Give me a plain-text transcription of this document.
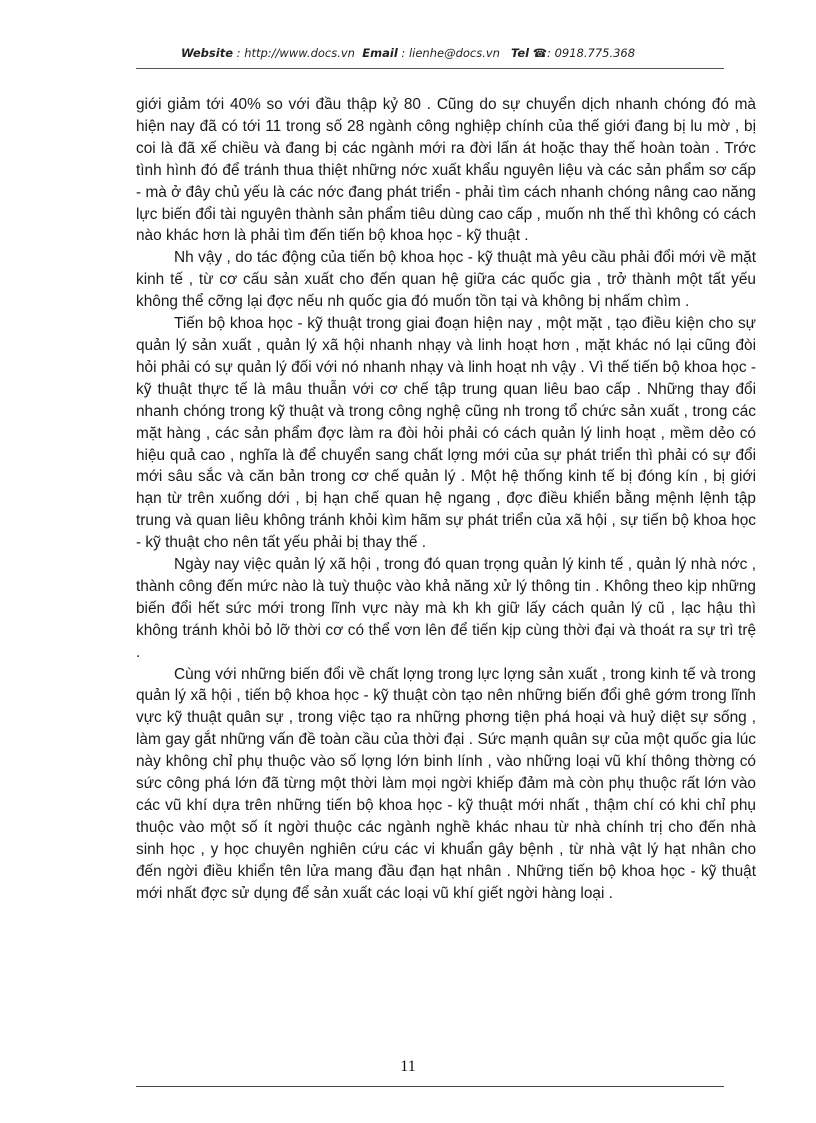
Website : http://www.docs.vn Email : lienhe@docs.vn Tel ☎: 0918.775.368

giới giảm tới 40% so với đầu thập kỷ 80 . Cũng do sự chuyển dịch nhanh chóng đó mà hiện nay đã có tới 11 trong số 28 ngành công nghiệp chính của thế giới đang bị lu mờ , bị coi là đã xế chiều và đang bị các ngành mới ra đời lấn át hoặc thay thế hoàn toàn . Trớc tình hình đó để tránh thua thiệt những nớc xuất khẩu nguyên liệu và các sản phẩm sơ cấp - mà ở đây chủ yếu là các nớc đang phát triển - phải tìm cách nhanh chóng nâng cao năng lực biến đổi tài nguyên thành sản phẩm tiêu dùng cao cấp , muốn nh thế thì không có cách nào khác hơn là phải tìm đến tiến bộ khoa học - kỹ thuật .

Nh vậy , do tác động của tiến bộ khoa học - kỹ thuật mà yêu cầu phải đổi mới về mặt kinh tế , từ cơ cấu sản xuất cho đến quan hệ giữa các quốc gia , trở thành một tất yếu không thể cỡng lại đợc nếu nh quốc gia đó muốn tồn tại và không bị nhấm chìm .

Tiến bộ khoa học - kỹ thuật trong giai đoạn hiện nay , một mặt , tạo điều kiện cho sự quản lý sản xuất , quản lý xã hội nhanh nhạy và linh hoạt hơn , mặt khác nó lại cũng đòi hỏi phải có sự quản lý đối với nó nhanh nhạy và linh hoạt nh vậy . Vì thế tiến bộ khoa học - kỹ thuật thực tế là mâu thuẫn với cơ chế tập trung quan liêu bao cấp . Những thay đổi nhanh chóng trong kỹ thuật và trong công nghệ cũng nh trong tổ chức sản xuất , trong các mặt hàng , các sản phẩm đợc làm ra đòi hỏi phải có cách quản lý linh hoạt , mềm dẻo có hiệu quả cao , nghĩa là để chuyển sang chất lợng mới của sự phát triển thì phải có sự đổi mới sâu sắc và căn bản trong cơ chế quản lý . Một hệ thống kinh tế bị đóng kín , bị giới hạn từ trên xuống dới , bị hạn chế quan hệ ngang , đợc điều khiển bằng mệnh lệnh tập trung và quan liêu không tránh khỏi kìm hãm sự phát triển của xã hội , sự tiến bộ khoa học - kỹ thuật cho nên tất yếu phải bị thay thế .

Ngày nay việc quản lý xã hội , trong đó quan trọng quản lý kinh tế , quản lý nhà nớc , thành công đến mức nào là tuỳ thuộc vào khả năng xử lý thông tin . Không theo kịp những biến đổi hết sức mới trong lĩnh vực này mà kh kh giữ lấy cách quản lý cũ , lạc hậu thì không tránh khỏi bỏ lỡ thời cơ có thể vơn lên để tiến kịp cùng thời đại và thoát ra sự trì trệ .

Cùng với những biến đổi về chất lợng trong lực lợng sản xuất , trong kinh tế và trong quản lý xã hội , tiến bộ khoa học - kỹ thuật còn tạo nên những biến đổi ghê gớm trong lĩnh vực kỹ thuật quân sự , trong việc tạo ra những phơng tiện phá hoại và huỷ diệt sự sống , làm gay gắt những vấn đề toàn cầu của thời đại . Sức mạnh quân sự của một quốc gia lúc này không chỉ phụ thuộc vào số lợng lớn binh lính , vào những loại vũ khí thông thờng có sức công phá lớn đã từng một thời làm mọi ngời khiếp đảm mà còn phụ thuộc rất lớn vào các vũ khí dựa trên những tiến bộ khoa học - kỹ thuật mới nhất , thậm chí có khi chỉ phụ thuộc vào một số ít ngời thuộc các ngành nghề khác nhau từ nhà chính trị cho đến nhà sinh học , y học chuyên nghiên cứu các vi khuẩn gây bệnh , từ nhà vật lý hạt nhân cho đến ngời điều khiển tên lửa mang đầu đạn hạt nhân . Những tiến bộ khoa học - kỹ thuật mới nhất đợc sử dụng để sản xuất các loại vũ khí giết ngời hàng loại .

11
